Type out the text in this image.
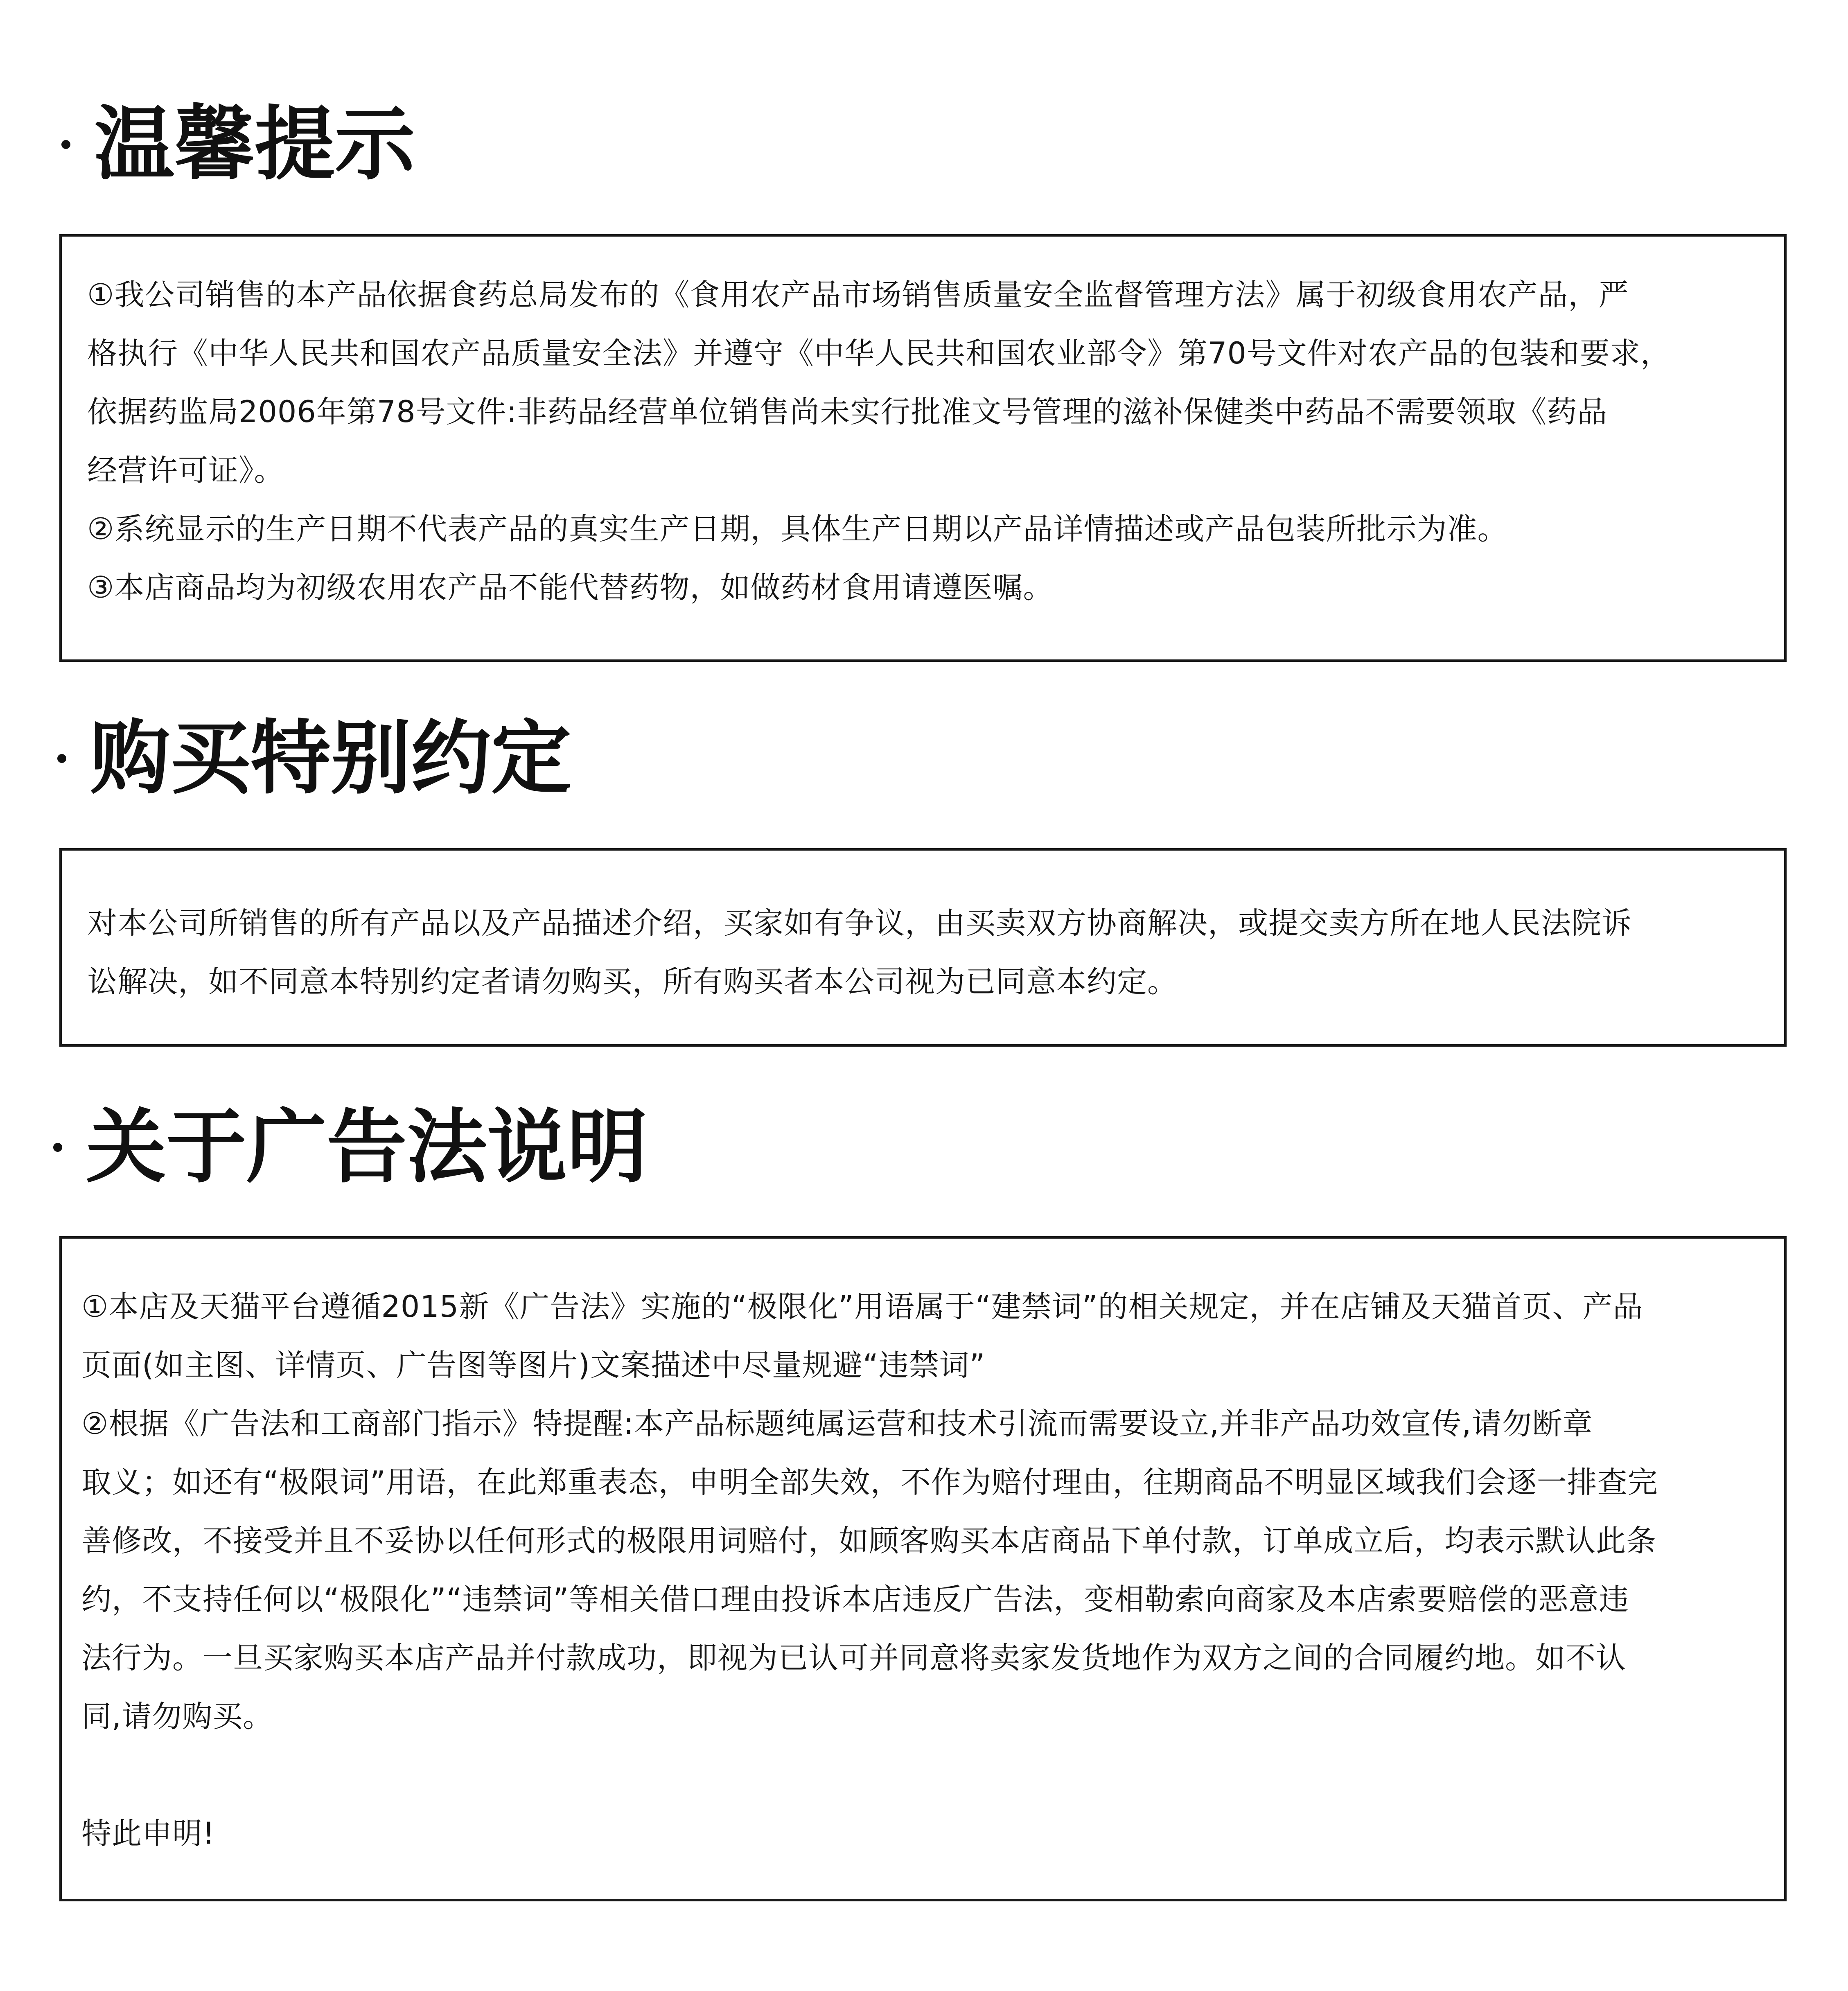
温馨提示

①我公司销售的本产品依据食药总局发布的《食用农产品市场销售质量安全监督管理方法》属于初级食用农产品，严

格执行《中华人民共和国农产品质量安全法》并遵守《中华人民共和国农业部令》第70号文件对农产品的包装和要求，

依据药监局2006年第78号文件:非药品经营单位销售尚未实行批准文号管理的滋补保健类中药品不需要领取《药品

经营许可证》。

②系统显示的生产日期不代表产品的真实生产日期，具体生产日期以产品详情描述或产品包装所批示为准。

③本店商品均为初级农用农产品不能代替药物，如做药材食用请遵医嘱。

购买特别约定

对本公司所销售的所有产品以及产品描述介绍，买家如有争议，由买卖双方协商解决，或提交卖方所在地人民法院诉

讼解决，如不同意本特别约定者请勿购买，所有购买者本公司视为已同意本约定。

关于广告法说明

①本店及天猫平台遵循2015新《广告法》实施的“极限化”用语属于“建禁词”的相关规定，并在店铺及天猫首页、产品

页面(如主图、详情页、广告图等图片)文案描述中尽量规避“违禁词”

②根据《广告法和工商部门指示》特提醒:本产品标题纯属运营和技术引流而需要设立,并非产品功效宣传,请勿断章

取义；如还有“极限词”用语，在此郑重表态，申明全部失效，不作为赔付理由，往期商品不明显区域我们会逐一排查完

善修改，不接受并且不妥协以任何形式的极限用词赔付，如顾客购买本店商品下单付款，订单成立后，均表示默认此条

约，不支持任何以“极限化”“违禁词”等相关借口理由投诉本店违反广告法，变相勒索向商家及本店索要赔偿的恶意违

法行为。一旦买家购买本店产品并付款成功，即视为已认可并同意将卖家发货地作为双方之间的合同履约地。如不认

同,请勿购买。

特此申明!
